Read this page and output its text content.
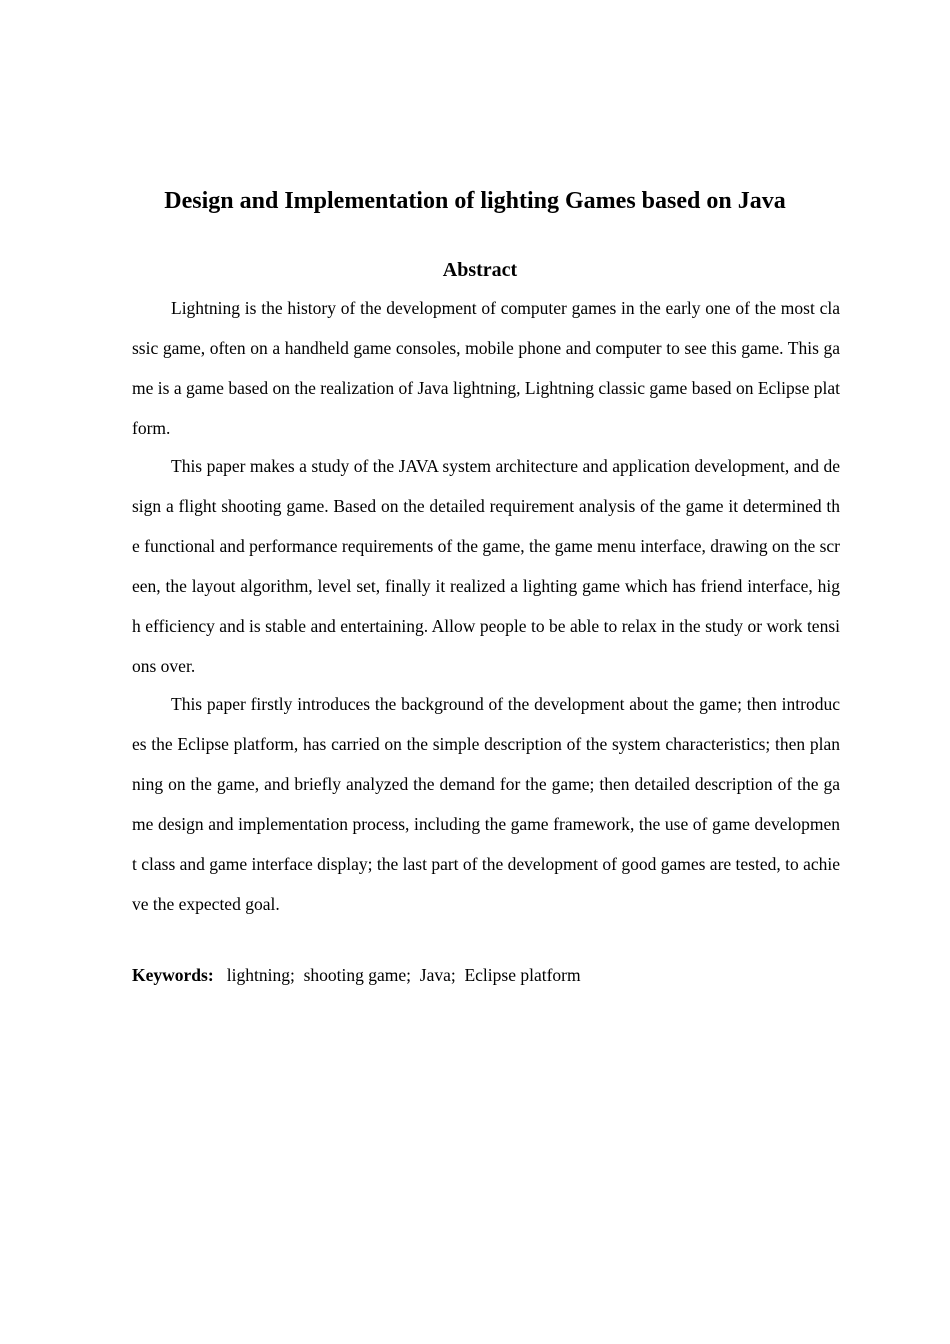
Design and Implementation of lighting Games based on Java
Abstract

Lightning is the history of the development of computer games in the early one of the most classic game, often on a handheld game consoles, mobile phone and computer to see this game. This game is a game based on the realization of Java lightning, Lightning classic game based on Eclipse platform.

This paper makes a study of the JAVA system architecture and application development, and design a flight shooting game. Based on the detailed requirement analysis of the game it determined the functional and performance requirements of the game, the game menu interface, drawing on the screen, the layout algorithm, level set, finally it realized a lighting game which has friend interface, high efficiency and is stable and entertaining. Allow people to be able to relax in the study or work tensions over.

This paper firstly introduces the background of the development about the game; then introduces the Eclipse platform, has carried on the simple description of the system characteristics; then planning on the game, and briefly analyzed the demand for the game; then detailed description of the game design and implementation process, including the game framework, the use of game development class and game interface display; the last part of the development of good games are tested, to achieve the expected goal.

Keywords:   lightning;  shooting game;  Java;  Eclipse platform
